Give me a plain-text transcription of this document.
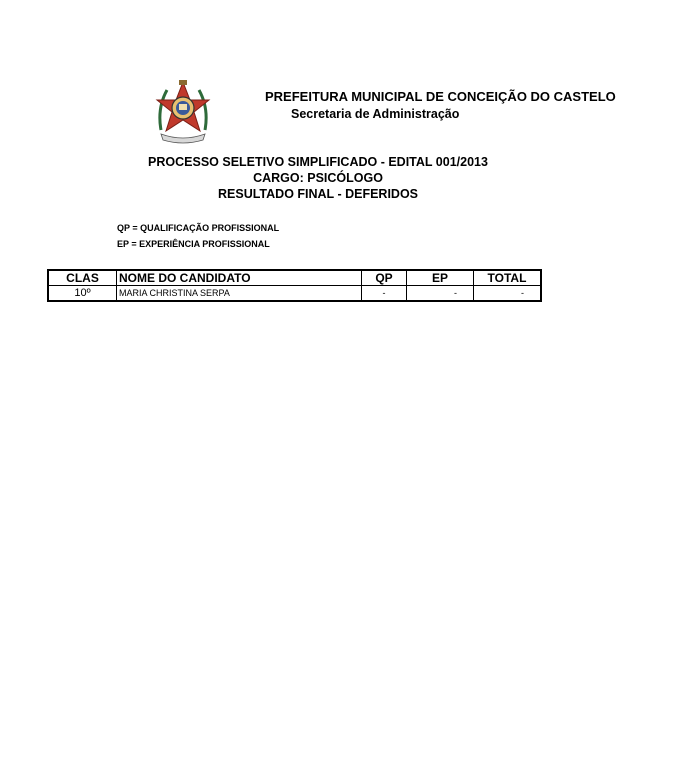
PREFEITURA MUNICIPAL DE CONCEIÇÃO DO CASTELO
Secretaria de Administração
PROCESSO SELETIVO SIMPLIFICADO - EDITAL 001/2013
CARGO: PSICÓLOGO
RESULTADO FINAL - DEFERIDOS
QP = QUALIFICAÇÃO PROFISSIONAL
EP = EXPERIÊNCIA PROFISSIONAL
CLAS	NOME DO CANDIDATO	QP	EP	TOTAL
10º	MARIA CHRISTINA SERPA	-	-	-
